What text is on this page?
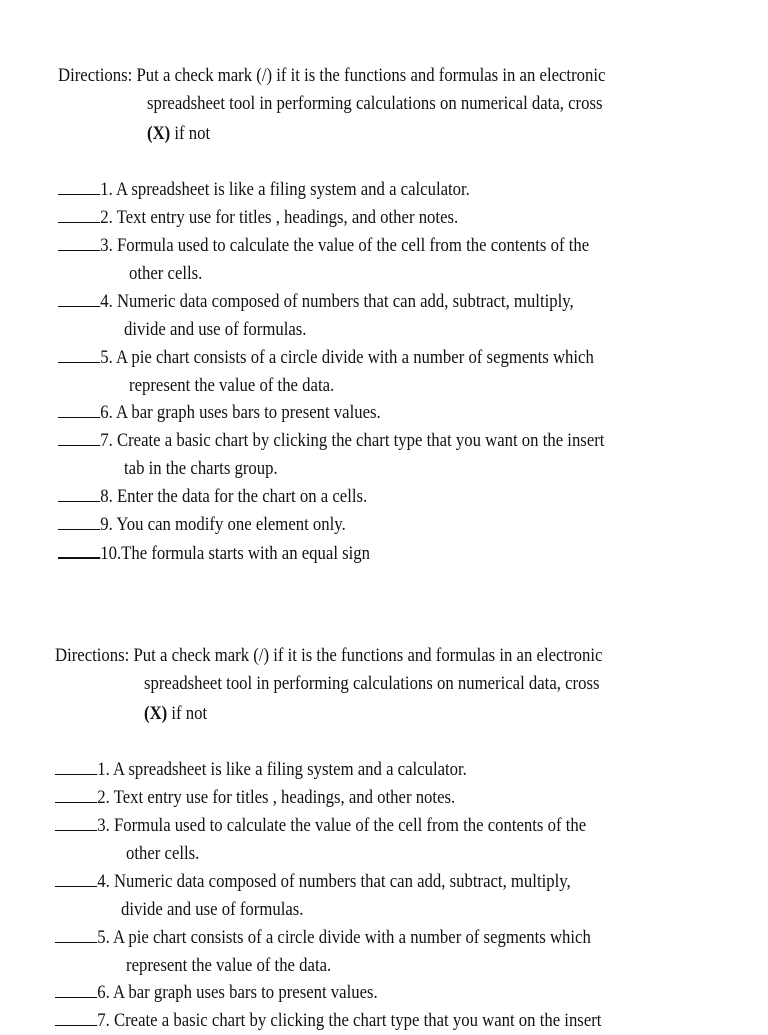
Directions: Put a check mark (/) if it is the functions and formulas in an electronic
spreadsheet tool in performing calculations on numerical data, cross
(X) if not
1. A spreadsheet is like a filing system and a calculator.
2. Text entry use for titles , headings, and other notes.
3. Formula used to calculate the value of the cell from the contents of the
other cells.
4. Numeric data composed of numbers that can add, subtract, multiply,
divide and use of formulas.
5. A pie chart consists of a circle divide with a number of segments which
represent the value of the data.
6. A bar graph uses bars to present values.
7. Create a basic chart by clicking the chart type that you want on the insert
tab in the charts group.
8. Enter the data for the chart on a cells.
9. You can modify one element only.
10.The formula starts with an equal sign
Directions: Put a check mark (/) if it is the functions and formulas in an electronic
spreadsheet tool in performing calculations on numerical data, cross
(X) if not
1. A spreadsheet is like a filing system and a calculator.
2. Text entry use for titles , headings, and other notes.
3. Formula used to calculate the value of the cell from the contents of the
other cells.
4. Numeric data composed of numbers that can add, subtract, multiply,
divide and use of formulas.
5. A pie chart consists of a circle divide with a number of segments which
represent the value of the data.
6. A bar graph uses bars to present values.
7. Create a basic chart by clicking the chart type that you want on the insert
